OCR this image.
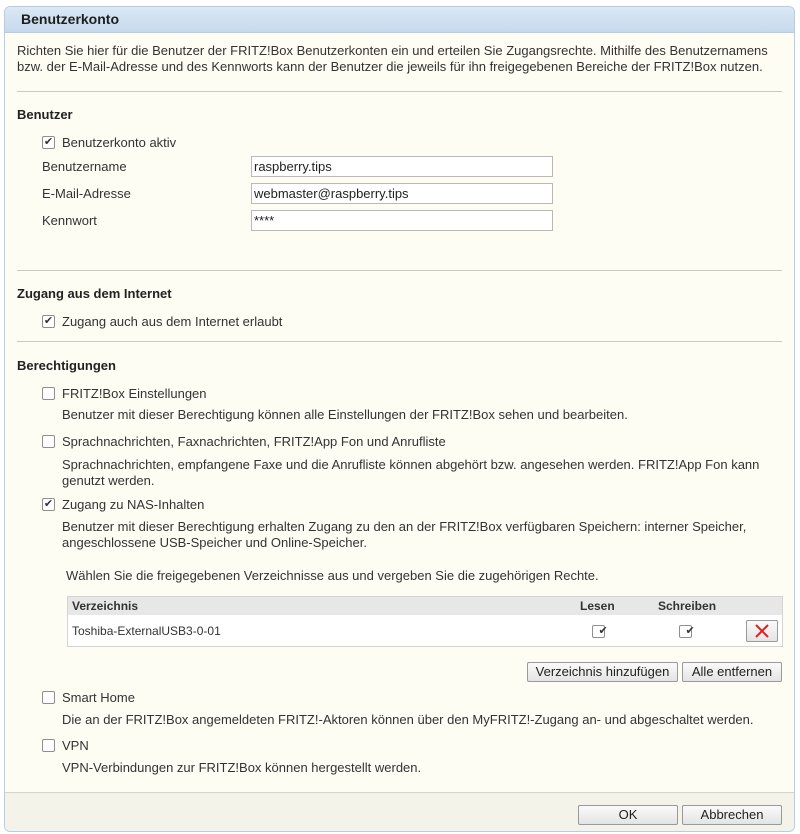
Benutzerkonto
Richten Sie hier für die Benutzer der FRITZ!Box Benutzerkonten ein und erteilen Sie Zugangsrechte. Mithilfe des Benutzernamens bzw. der E-Mail-Adresse und des Kennworts kann der Benutzer die jeweils für ihn freigegebenen Bereiche der FRITZ!Box nutzen.
Benutzer
✔ Benutzerkonto aktiv
Benutzername
raspberry.tips
E-Mail-Adresse
webmaster@raspberry.tips
Kennwort
****
Zugang aus dem Internet
✔ Zugang auch aus dem Internet erlaubt
Berechtigungen
FRITZ!Box Einstellungen
Benutzer mit dieser Berechtigung können alle Einstellungen der FRITZ!Box sehen und bearbeiten.
Sprachnachrichten, Faxnachrichten, FRITZ!App Fon und Anrufliste
Sprachnachrichten, empfangene Faxe und die Anrufliste können abgehört bzw. angesehen werden. FRITZ!App Fon kann genutzt werden.
✔ Zugang zu NAS-Inhalten
Benutzer mit dieser Berechtigung erhalten Zugang zu den an der FRITZ!Box verfügbaren Speichern: interner Speicher, angeschlossene USB-Speicher und Online-Speicher.
Wählen Sie die freigegebenen Verzeichnisse aus und vergeben Sie die zugehörigen Rechte.
Verzeichnis	Lesen	Schreiben
Toshiba-ExternalUSB3-0-01	✔	✔
Verzeichnis hinzufügen	Alle entfernen
Smart Home
Die an der FRITZ!Box angemeldeten FRITZ!-Aktoren können über den MyFRITZ!-Zugang an- und abgeschaltet werden.
VPN
VPN-Verbindungen zur FRITZ!Box können hergestellt werden.
OK	Abbrechen
